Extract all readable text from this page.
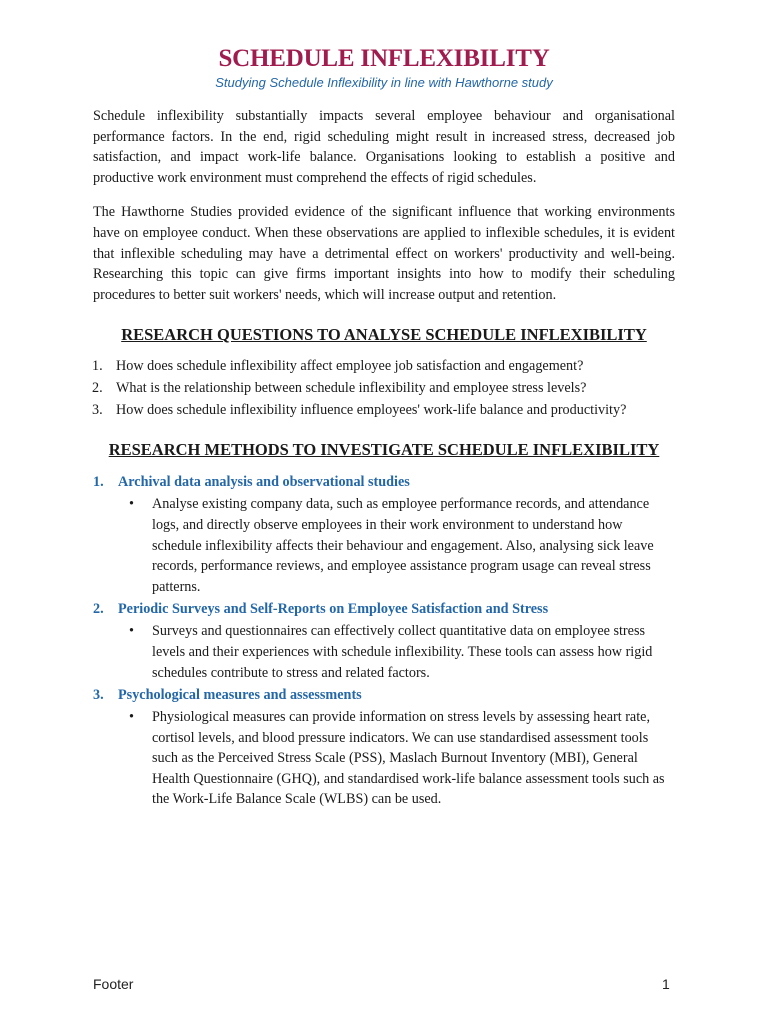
SCHEDULE INFLEXIBILITY

Studying Schedule Inflexibility in line with Hawthorne study

Schedule inflexibility substantially impacts several employee behaviour and organisational performance factors. In the end, rigid scheduling might result in increased stress, decreased job satisfaction, and impact work-life balance. Organisations looking to establish a positive and productive work environment must comprehend the effects of rigid schedules.

The Hawthorne Studies provided evidence of the significant influence that working environments have on employee conduct. When these observations are applied to inflexible schedules, it is evident that inflexible scheduling may have a detrimental effect on workers' productivity and well-being. Researching this topic can give firms important insights into how to modify their scheduling procedures to better suit workers' needs, which will increase output and retention.

RESEARCH QUESTIONS TO ANALYSE SCHEDULE INFLEXIBILITY
1. How does schedule inflexibility affect employee job satisfaction and engagement?
2. What is the relationship between schedule inflexibility and employee stress levels?
3. How does schedule inflexibility influence employees' work-life balance and productivity?
RESEARCH METHODS TO INVESTIGATE SCHEDULE INFLEXIBILITY
1. Archival data analysis and observational studies
• Analyse existing company data, such as employee performance records, and attendance logs, and directly observe employees in their work environment to understand how schedule inflexibility affects their behaviour and engagement. Also, analysing sick leave records, performance reviews, and employee assistance program usage can reveal stress patterns.
2. Periodic Surveys and Self-Reports on Employee Satisfaction and Stress
• Surveys and questionnaires can effectively collect quantitative data on employee stress levels and their experiences with schedule inflexibility. These tools can assess how rigid schedules contribute to stress and related factors.
3. Psychological measures and assessments
• Physiological measures can provide information on stress levels by assessing heart rate, cortisol levels, and blood pressure indicators. We can use standardised assessment tools such as the Perceived Stress Scale (PSS), Maslach Burnout Inventory (MBI), General Health Questionnaire (GHQ), and standardised work-life balance assessment tools such as the Work-Life Balance Scale (WLBS) can be used.
Footer	1
